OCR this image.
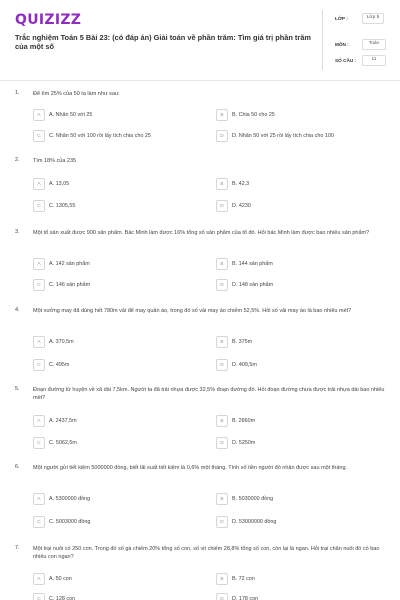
QUIZIZZ
Trắc nghiệm Toán 5 Bài 23: (có đáp án) Giải toán về phần trăm: Tìm giá trị phần trăm của một số
LỚP :	Lớp 5
MÔN :	Toán
SỐ CÂU :	11
1. Để tìm 25% của 50 ta làm như sau:
A	A. Nhân 50 với 25	B	B. Chia 50 cho 25
C	C. Nhân 50 với 100 rồi lấy tích chia cho 25	D	D. Nhân 50 với 25 rồi lấy tích chia cho 100
2. Tìm 18% của 235
A	A. 13,05	B	B. 42,3
C	C. 1305,55	D	D. 4230
3. Một tổ sản xuất được 900 sản phẩm. Bác Minh làm được 16% tổng số sản phẩm của tổ đó. Hỏi bác Minh làm được bao nhiêu sản phẩm?
A	A. 142 sản phẩm	B	B. 144 sản phẩm
C	C. 146 sản phẩm	D	D. 148 sản phẩm
4. Một xưởng may đã dùng hết 780m vải để may quần áo, trong đó số vải may áo chiếm 52,5%. Hỏi số vải may áo là bao nhiêu mét?
A	A. 370,5m	B	B. 375m
C	C. 495m	D	D. 409,5m
5. Đoạn đường từ huyện về xã dài 7,5km. Người ta đã trải nhựa được 32,5% đoạn đường đó. Hỏi đoạn đường chưa được trải nhựa dài bao nhiêu mét?
A	A. 2437,5m	B	B. 2860m
C	C. 5062,5m	D	D. 5250m
6. Một người gửi tiết kiệm 5000000 đồng, biết lãi suất tiết kiệm là 0,6% một tháng. Tính số tiền người đó nhận được sau một tháng.
A	A. 5300000 đồng	B	B. 5030000 đồng
C	C. 5003000 đồng	D	D. 53000000 đồng
7. Một trại nuôi có 250 con. Trong đó số gà chiếm 20% tổng số con, số vịt chiếm 28,8% tổng số con, còn lại là ngan. Hỏi trại chăn nuôi đó có bao nhiêu con ngan?
A	A. 50 con	B	B. 72 con
C	C. 128 con	D	D. 178 con
